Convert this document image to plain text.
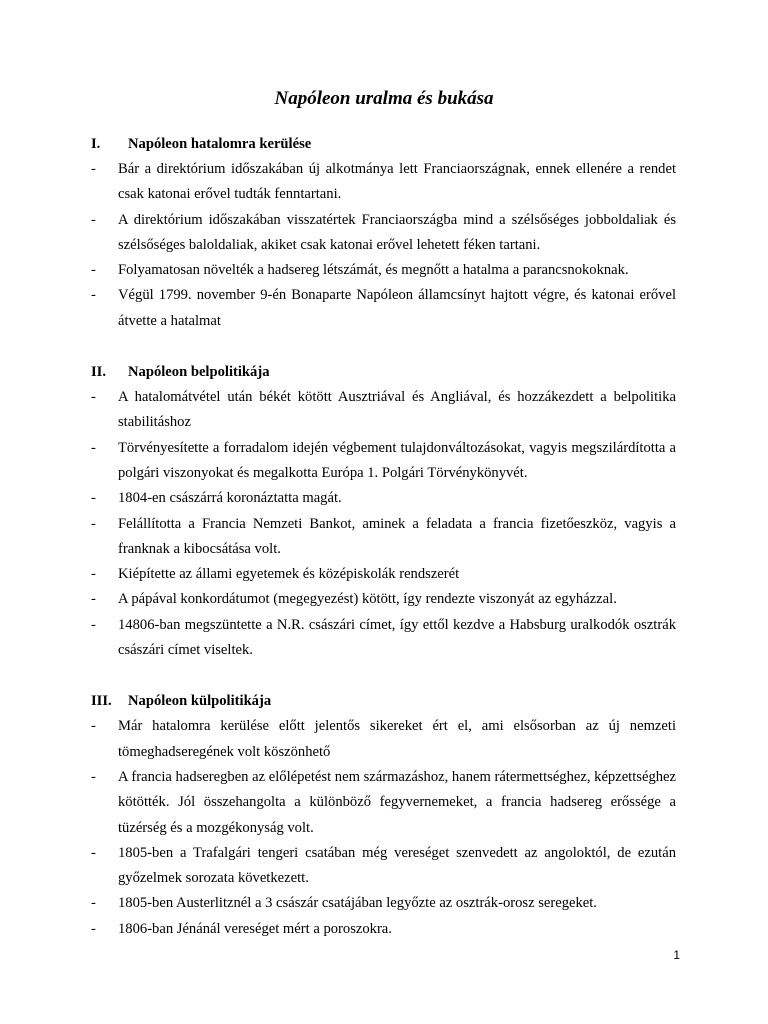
Napóleon uralma és bukása
I.	Napóleon hatalomra kerülése
-	Bár a direktórium időszakában új alkotmánya lett Franciaországnak, ennek ellenére a rendet csak katonai erővel tudták fenntartani.
-	A direktórium időszakában visszatértek Franciaországba mind a szélsőséges jobboldaliak és szélsőséges baloldaliak, akiket csak katonai erővel lehetett féken tartani.
-	Folyamatosan növelték a hadsereg létszámát, és megnőtt a hatalma a parancsnokoknak.
-	Végül 1799. november 9-én Bonaparte Napóleon államcsínyt hajtott végre, és katonai erővel átvette a hatalmat
II.	Napóleon belpolitikája
-	A hatalomátvétel után békét kötött Ausztriával és Angliával, és hozzákezdett a belpolitika stabilitáshoz
-	Törvényesítette a forradalom idején végbement tulajdonváltozásokat, vagyis megszilárdította a polgári viszonyokat és megalkotta Európa 1. Polgári Törvénykönyvét.
-	1804-en császárrá koronáztatta magát.
-	Felállította a Francia Nemzeti Bankot, aminek a feladata a francia fizetőeszköz, vagyis a franknak a kibocsátása volt.
-	Kiépítette az állami egyetemek és középiskolák rendszerét
-	A pápával konkordátumot (megegyezést) kötött, így rendezte viszonyát az egyházzal.
-	14806-ban megszüntette a N.R. császári címet, így ettől kezdve a Habsburg uralkodók osztrák császári címet viseltek.
III.	Napóleon külpolitikája
-	Már hatalomra kerülése előtt jelentős sikereket ért el, ami elsősorban az új nemzeti tömeghadseregének volt köszönhető
-	A francia hadseregben az előlépetést nem származáshoz, hanem rátermettséghez, képzettséghez kötötték. Jól összehangolta a különböző fegyvernemeket, a francia hadsereg erőssége a tüzérség és a mozgékonyság volt.
-	1805-ben a Trafalgári tengeri csatában még vereséget szenvedett az angoloktól, de ezután győzelmek sorozata következett.
-	1805-ben Austerlitznél a 3 császár csatájában legyőzte az osztrák-orosz seregeket.
-	1806-ban Jénánál vereséget mért a poroszokra.
1
